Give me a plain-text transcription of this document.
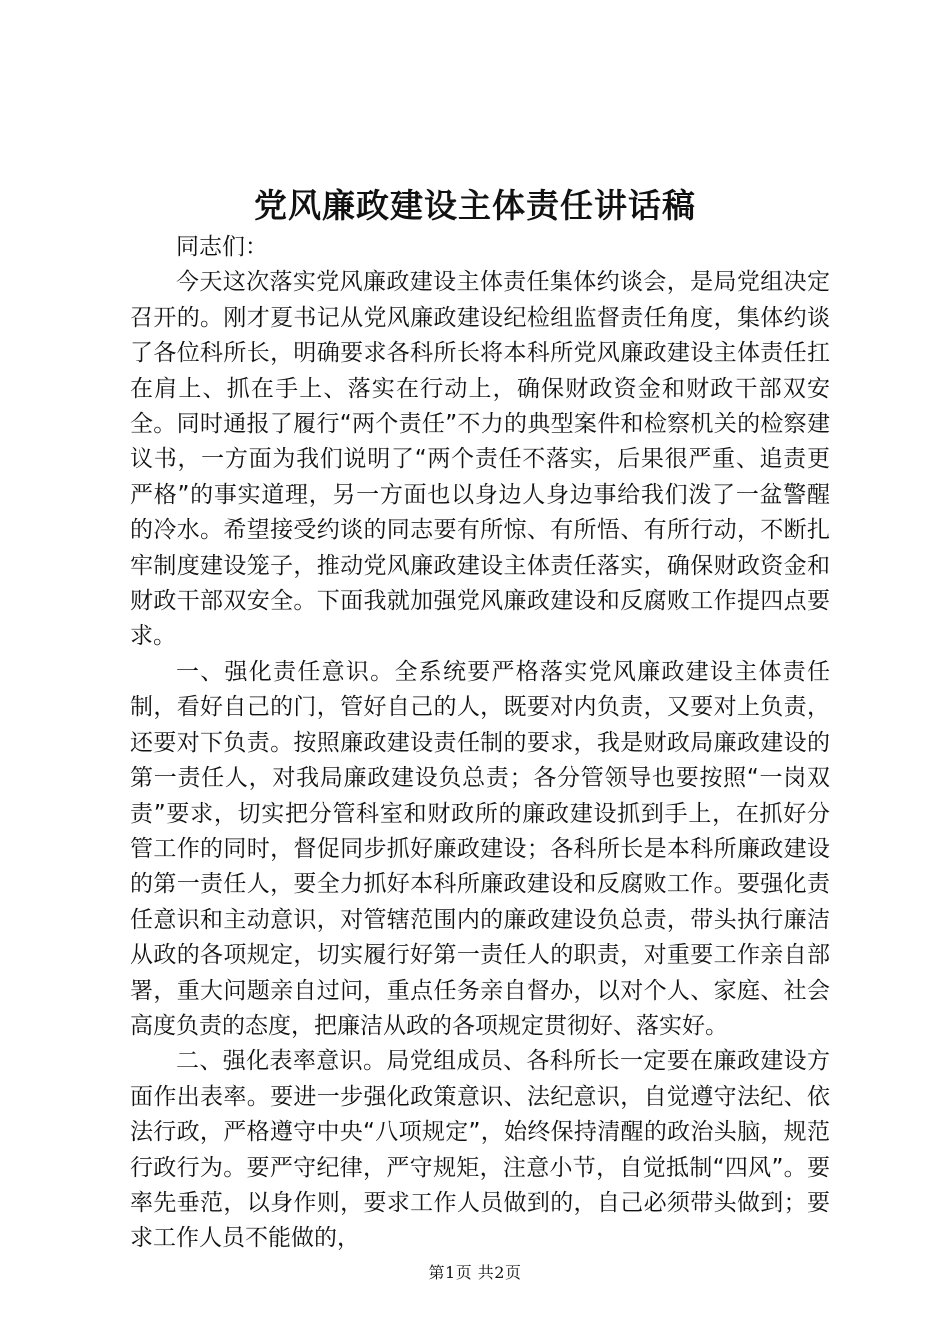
党风廉政建设主体责任讲话稿

同志们：

今天这次落实党风廉政建设主体责任集体约谈会，是局党组决定召开的。刚才夏书记从党风廉政建设纪检组监督责任角度，集体约谈了各位科所长，明确要求各科所长将本科所党风廉政建设主体责任扛在肩上、抓在手上、落实在行动上，确保财政资金和财政干部双安全。同时通报了履行“两个责任”不力的典型案件和检察机关的检察建议书，一方面为我们说明了“两个责任不落实，后果很严重、追责更严格”的事实道理，另一方面也以身边人身边事给我们泼了一盆警醒的冷水。希望接受约谈的同志要有所惊、有所悟、有所行动，不断扎牢制度建设笼子，推动党风廉政建设主体责任落实，确保财政资金和财政干部双安全。下面我就加强党风廉政建设和反腐败工作提四点要求。

一、强化责任意识。全系统要严格落实党风廉政建设主体责任制，看好自己的门，管好自己的人，既要对内负责，又要对上负责，还要对下负责。按照廉政建设责任制的要求，我是财政局廉政建设的第一责任人，对我局廉政建设负总责；各分管领导也要按照“一岗双责”要求，切实把分管科室和财政所的廉政建设抓到手上，在抓好分管工作的同时，督促同步抓好廉政建设；各科所长是本科所廉政建设的第一责任人，要全力抓好本科所廉政建设和反腐败工作。要强化责任意识和主动意识，对管辖范围内的廉政建设负总责，带头执行廉洁从政的各项规定，切实履行好第一责任人的职责，对重要工作亲自部署，重大问题亲自过问，重点任务亲自督办，以对个人、家庭、社会高度负责的态度，把廉洁从政的各项规定贯彻好、落实好。

二、强化表率意识。局党组成员、各科所长一定要在廉政建设方面作出表率。要进一步强化政策意识、法纪意识，自觉遵守法纪、依法行政，严格遵守中央“八项规定”，始终保持清醒的政治头脑，规范行政行为。要严守纪律，严守规矩，注意小节，自觉抵制“四风”。要率先垂范，以身作则，要求工作人员做到的，自己必须带头做到；要求工作人员不能做的，

第1页 共2页
